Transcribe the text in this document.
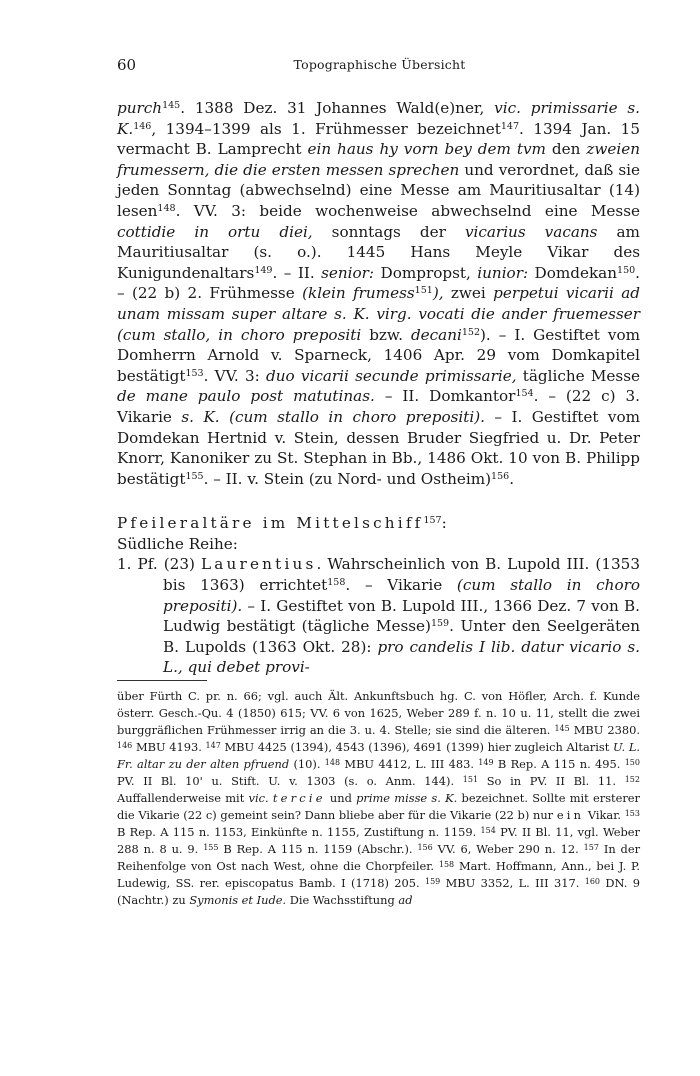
60	Topographische Übersicht

purch$^{145}$. 1388 Dez. 31 Johannes Wald(e)ner, vic. primissarie s. K.$^{146}$, 1394–1399 als 1. Frühmesser bezeichnet$^{147}$. 1394 Jan. 15 vermacht B. Lamprecht ein haus hy vorn bey dem tvm den zweien frumessern, die die ersten messen sprechen und verordnet, daß sie jeden Sonntag (abwechselnd) eine Messe am Mauritiusaltar (14) lesen$^{148}$. VV. 3: beide wochenweise abwechselnd eine Messe cottidie in ortu diei, sonntags der vicarius vacans am Mauritiusaltar (s. o.). 1445 Hans Meyle Vikar des Kunigundenaltars$^{149}$. – II. senior: Dompropst, iunior: Domdekan$^{150}$. – (22 b) 2. Frühmesse (klein frumess$^{151}$), zwei perpetui vicarii ad unam missam super altare s. K. virg. vocati die ander fruemesser (cum stallo, in choro prepositi bzw. decani$^{152}$). – I. Gestiftet vom Domherrn Arnold v. Sparneck, 1406 Apr. 29 vom Domkapitel bestätigt$^{153}$. VV. 3: duo vicarii secunde primissarie, tägliche Messe de mane paulo post matutinas. – II. Domkantor$^{154}$. – (22 c) 3. Vikarie s. K. (cum stallo in choro prepositi). – I. Gestiftet vom Domdekan Hertnid v. Stein, dessen Bruder Siegfried u. Dr. Peter Knorr, Kanoniker zu St. Stephan in Bb., 1486 Okt. 10 von B. Philipp bestätigt$^{155}$. – II. v. Stein (zu Nord- und Ostheim)$^{156}$.

Pfeileraltäre im Mittelschiff$^{157}$:

Südliche Reihe:

1. Pf. (23) Laurentius. Wahrscheinlich von B. Lupold III. (1353 bis 1363) errichtet$^{158}$. – Vikarie (cum stallo in choro prepositi). – I. Gestiftet von B. Lupold III., 1366 Dez. 7 von B. Ludwig bestätigt (tägliche Messe)$^{159}$. Unter den Seelgeräten B. Lupolds (1363 Okt. 28): pro candelis I lib. datur vicario s. L., qui debet provi-

über Fürth C. pr. n. 66; vgl. auch Ält. Ankunftsbuch hg. C. von Höfler, Arch. f. Kunde österr. Gesch.-Qu. 4 (1850) 615; VV. 6 von 1625, Weber 289 f. n. 10 u. 11, stellt die zwei burggräflichen Frühmesser irrig an die 3. u. 4. Stelle; sie sind die älteren. $^{145}$ MBU 2380. $^{146}$ MBU 4193. $^{147}$ MBU 4425 (1394), 4543 (1396), 4691 (1399) hier zugleich Altarist U. L. Fr. altar zu der alten pfruend (10). $^{148}$ MBU 4412, L. III 483. $^{149}$ B Rep. A 115 n. 495. $^{150}$ PV. II Bl. 10' u. Stift. U. v. 1303 (s. o. Anm. 144). $^{151}$ So in PV. II Bl. 11. $^{152}$ Auffallenderweise mit vic. tercie und prime misse s. K. bezeichnet. Sollte mit ersterer die Vikarie (22 c) gemeint sein? Dann bliebe aber für die Vikarie (22 b) nur ein Vikar. $^{153}$ B Rep. A 115 n. 1153, Einkünfte n. 1155, Zustiftung n. 1159. $^{154}$ PV. II Bl. 11, vgl. Weber 288 n. 8 u. 9. $^{155}$ B Rep. A 115 n. 1159 (Abschr.). $^{156}$ VV. 6, Weber 290 n. 12. $^{157}$ In der Reihenfolge von Ost nach West, ohne die Chorpfeiler. $^{158}$ Mart. Hoffmann, Ann., bei J. P. Ludewig, SS. rer. episcopatus Bamb. I (1718) 205. $^{159}$ MBU 3352, L. III 317. $^{160}$ DN. 9 (Nachtr.) zu Symonis et Iude. Die Wachsstiftung ad
